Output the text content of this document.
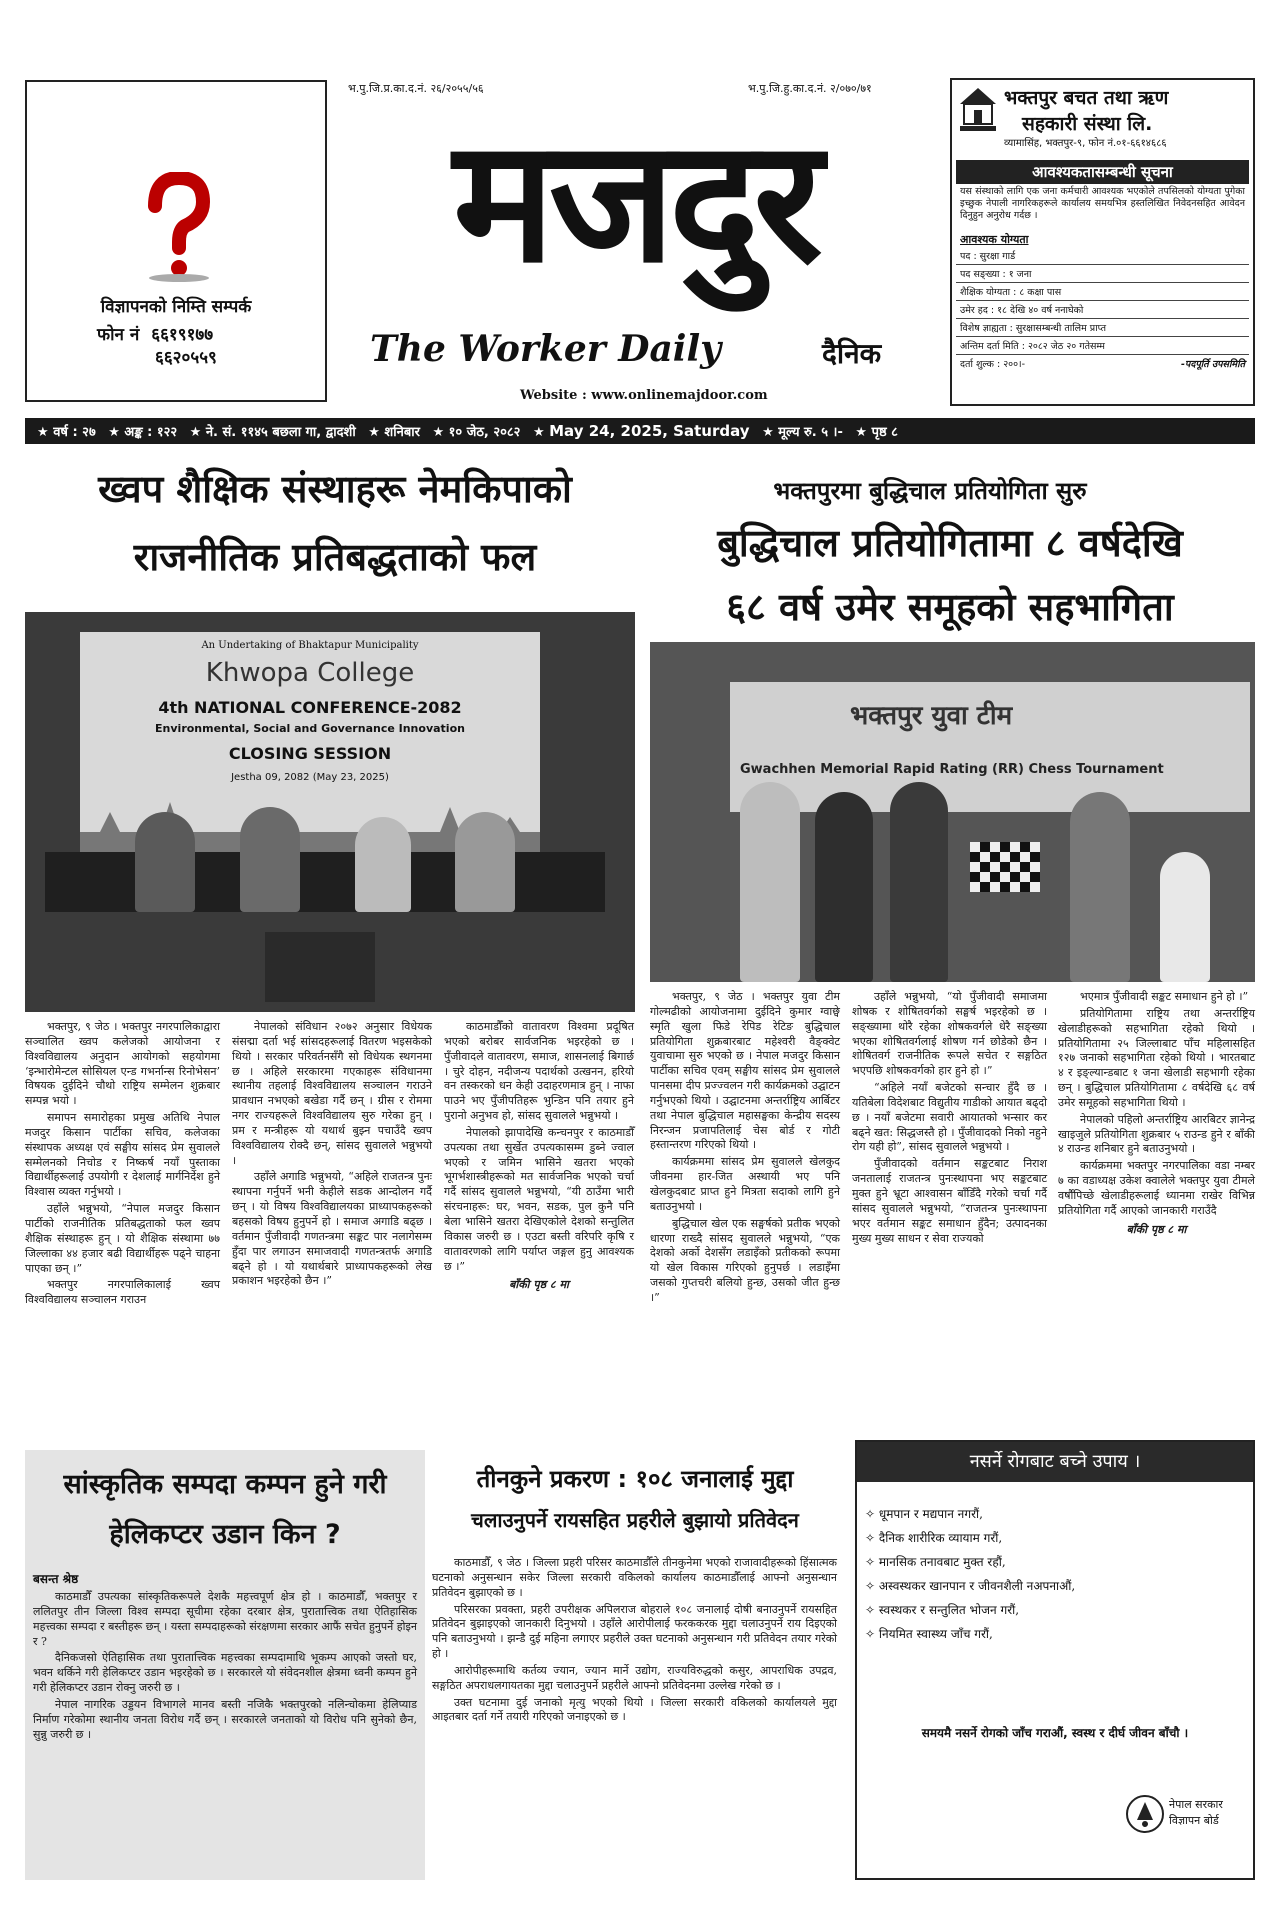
विज्ञापनको निम्ति सम्पर्क
फोन नं ६६१९१७७
६६२०५५९
भ.पु.जि.प्र.का.द.नं. २६/२०५५/५६	भ.पु.जि.हु.का.द.नं. २/०७०/७१
मजदुर
The Worker Daily	दैनिक
Website : www.onlinemajdoor.com
भक्तपुर बचत तथा ऋण
सहकारी संस्था लि.
व्यामासिंह, भक्तपुर-९, फोन नं.०१-६६१४६८६
आवश्यकतासम्बन्धी सूचना
यस संस्थाको लागि एक जना कर्मचारी आवश्यक भएकोले तपसिलको योग्यता पुगेका इच्छुक नेपाली नागरिकहरूले कार्यालय समयभित्र हस्तलिखित निवेदनसहित आवेदन दिनुहुन अनुरोध गर्दछ ।
आवश्यक योग्यता
पद : सुरक्षा गार्ड
पद सङ्ख्या : १ जना
शैक्षिक योग्यता : ८ कक्षा पास
उमेर हद : १८ देखि ४० वर्ष ननाघेको
विशेष ज्ञाह्यता : सुरक्षासम्बन्धी तालिम प्राप्त
अन्तिम दर्ता मिति : २०८२ जेठ २० गतेसम्म
दर्ता शुल्क : २००।-	-पदपूर्ति उपसमिति
★ वर्ष : २७ ★ अङ्क : १२२ ★ ने. सं. ११४५ बछला गा, द्वादशी ★ शनिबार ★ १० जेठ, २०८२ ★ May 24, 2025, Saturday ★ मूल्य रु. ५ ।- ★ पृष्ठ ८
ख्वप शैक्षिक संस्थाहरू नेमकिपाको
राजनीतिक प्रतिबद्धताको फल
An Undertaking of Bhaktapur Municipality
Khwopa College
4th NATIONAL CONFERENCE-2082
Environmental, Social and Governance Innovation
CLOSING SESSION
Jestha 09, 2082 (May 23, 2025)

भक्तपुर, ९ जेठ । भक्तपुर नगरपालिकाद्वारा सञ्चालित ख्वप कलेजको आयोजना र विश्वविद्यालय अनुदान आयोगको सहयोगमा ‘इन्भारोमेन्टल सोसियल एन्ड गभर्नान्स रिनोभेसन’ विषयक दुईदिने चौथो राष्ट्रिय सम्मेलन शुक्रबार सम्पन्न भयो ।

समापन समारोहका प्रमुख अतिथि नेपाल मजदुर किसान पार्टीका सचिव, कलेजका संस्थापक अध्यक्ष एवं सङ्घीय सांसद प्रेम सुवालले सम्मेलनको निचोड र निष्कर्ष नयाँ पुस्ताका विद्यार्थीहरूलाई उपयोगी र देशलाई मार्गनिर्देश हुने विश्वास व्यक्त गर्नुभयो ।

उहाँले भन्नुभयो, “नेपाल मजदुर किसान पार्टीको राजनीतिक प्रतिबद्धताको फल ख्वप शैक्षिक संस्थाहरू हुन् । यो शैक्षिक संस्थामा ७७ जिल्लाका ४४ हजार बढी विद्यार्थीहरू पढ्ने चाहना पाएका छन् ।”

भक्तपुर नगरपालिकालाई ख्वप विश्वविद्यालय सञ्चालन गराउन

नेपालको संविधान २०७२ अनुसार विधेयक संसद्मा दर्ता भई सांसदहरूलाई वितरण भइसकेको थियो । सरकार परिवर्तनसँगै सो विधेयक स्थगनमा छ । अहिले सरकारमा गएकाहरू संविधानमा स्थानीय तहलाई विश्वविद्यालय सञ्चालन गराउने प्रावधान नभएको बखेडा गर्दै छन् । ग्रीस र रोममा नगर राज्यहरूले विश्वविद्यालय सुरु गरेका हुन् । प्रम र मन्त्रीहरू यो यथार्थ बुझ्न पचाउँदै ख्वप विश्वविद्यालय रोक्दै छन्, सांसद सुवालले भन्नुभयो ।

उहाँले अगाडि भन्नुभयो, “अहिले राजतन्त्र पुनः स्थापना गर्नुपर्ने भनी केहीले सडक आन्दोलन गर्दै छन् । यो विषय विश्वविद्यालयका प्राध्यापकहरूको बहसको विषय हुनुपर्ने हो । समाज अगाडि बढ्छ । वर्तमान पुँजीवादी गणतन्त्रमा सङ्कट पार नलागेसम्म हुँदा पार लगाउन समाजवादी गणतन्त्रतर्फ अगाडि बढ्ने हो । यो यथार्थबारे प्राध्यापकहरूको लेख प्रकाशन भइरहेको छैन ।”

काठमाडौँको वातावरण विश्वमा प्रदूषित भएको बरोबर सार्वजनिक भइरहेको छ । पुँजीवादले वातावरण, समाज, शासनलाई बिगार्छ । चुरे दोहन, नदीजन्य पदार्थको उत्खनन, हरियो वन तस्करको धन केही उदाहरणमात्र हुन् । नाफा पाउने भए पुँजीपतिहरू भुन्डिन पनि तयार हुने पुरानो अनुभव हो, सांसद सुवालले भन्नुभयो ।

नेपालको झापादेखि कन्चनपुर र काठमाडौँ उपत्यका तथा सुर्खेत उपत्यकासम्म डुब्ने ज्वाल भएको र जमिन भासिने खतरा भएको भूगर्भशास्त्रीहरूको मत सार्वजनिक भएको चर्चा गर्दै सांसद सुवालले भन्नुभयो, “यी ठाउँमा भारी संरचनाहरू: घर, भवन, सडक, पुल कुनै पनि बेला भासिने खतरा देखिएकोले देशको सन्तुलित विकास जरुरी छ । एउटा बस्ती वरिपरि कृषि र वातावरणको लागि पर्याप्त जङ्गल हुनु आवश्यक छ ।”

बाँकी पृष्ठ ८ मा
भक्तपुरमा बुद्धिचाल प्रतियोगिता सुरु
बुद्धिचाल प्रतियोगितामा ८ वर्षदेखि
६८ वर्ष उमेर समूहको सहभागिता
भक्तपुर युवा टीम
Gwachhen Memorial Rapid Rating (RR) Chess Tournament

भक्तपुर, ९ जेठ । भक्तपुर युवा टीम गोल्मढीको आयोजनामा दुईदिने कुमार ग्वाछ्वे स्मृति खुला फिडे रेपिड रेटिङ बुद्धिचाल प्रतियोगिता शुक्रबारबाट महेश्वरी वैङ्क्वेट युवाचामा सुरु भएको छ । नेपाल मजदुर किसान पार्टीका सचिव एवम् सङ्घीय सांसद प्रेम सुवालले पानसमा दीप प्रज्ज्वलन गरी कार्यक्रमको उद्घाटन गर्नुभएको थियो । उद्घाटनमा अन्तर्राष्ट्रिय आर्बिटर तथा नेपाल बुद्धिचाल महासङ्घका केन्द्रीय सदस्य निरन्जन प्रजापतिलाई चेस बोर्ड र गोटी हस्तान्तरण गरिएको थियो ।

कार्यक्रममा सांसद प्रेम सुवालले खेलकुद जीवनमा हार-जित अस्थायी भए पनि खेलकुदबाट प्राप्त हुने मित्रता सदाको लागि हुने बताउनुभयो ।

बुद्धिचाल खेल एक सङ्घर्षको प्रतीक भएको धारणा राख्दै सांसद सुवालले भन्नुभयो, “एक देशको अर्को देशसँग लडाइँको प्रतीकको रूपमा यो खेल विकास गरिएको हुनुपर्छ । लडाइँमा जसको गुप्तचरी बलियो हुन्छ, उसको जीत हुन्छ ।”

उहाँले भन्नुभयो, “यो पुँजीवादी समाजमा शोषक र शोषितवर्गको सङ्घर्ष भइरहेको छ । सङ्ख्यामा थोरै रहेका शोषकवर्गले धेरै सङ्ख्या भएका शोषितवर्गलाई शोषण गर्न छोडेको छैन । शोषितवर्ग राजनीतिक रूपले सचेत र सङ्गठित भएपछि शोषकवर्गको हार हुने हो ।”

“अहिले नयाँ बजेटको सन्चार हुँदै छ । यतिबेला विदेशबाट विद्युतीय गाडीको आयात बढ्दो छ । नयाँ बजेटमा सवारी आयातको भन्सार कर बढ्ने खत: सिद्धजस्तै हो । पुँजीवादको निको नहुने रोग यही हो”, सांसद सुवालले भन्नुभयो ।

पुँजीवादको वर्तमान सङ्कटबाट निराश जनतालाई राजतन्त्र पुनःस्थापना भए सङ्कटबाट मुक्त हुने भ्रूटा आश्वासन बाँडिँदै गरेको चर्चा गर्दै सांसद सुवालले भन्नुभयो, “राजतन्त्र पुनःस्थापना भएर वर्तमान सङ्कट समाधान हुँदैन; उत्पादनका मुख्य मुख्य साधन र सेवा राज्यको

भएमात्र पुँजीवादी सङ्कट समाधान हुने हो ।”

प्रतियोगितामा राष्ट्रिय तथा अन्तर्राष्ट्रिय खेलाडीहरूको सहभागिता रहेको थियो । प्रतियोगितामा २५ जिल्लाबाट पाँच महिलासहित १२७ जनाको सहभागिता रहेको थियो । भारतबाट ४ र इङ्ल्यान्डबाट १ जना खेलाडी सहभागी रहेका छन् । बुद्धिचाल प्रतियोगितामा ८ वर्षदेखि ६८ वर्ष उमेर समूहको सहभागिता थियो ।

नेपालको पहिलो अन्तर्राष्ट्रिय आरबिटर ज्ञानेन्द्र खाइजुले प्रतियोगिता शुक्रबार ५ राउन्ड हुने र बाँकी ४ राउन्ड शनिबार हुने बताउनुभयो ।

कार्यक्रममा भक्तपुर नगरपालिका वडा नम्बर ७ का वडाध्यक्ष उकेश क्वालेले भक्तपुर युवा टीमले वर्षौंपिच्छे खेलाडीहरूलाई ध्यानमा राखेर विभिन्न प्रतियोगिता गर्दै आएको जानकारी गराउँदै

बाँकी पृष्ठ ८ मा
सांस्कृतिक सम्पदा कम्पन हुने गरी
हेलिकप्टर उडान किन ?
बसन्त श्रेष्ठ

काठमाडौँ उपत्यका सांस्कृतिकरूपले देशकै महत्त्वपूर्ण क्षेत्र हो । काठमाडौँ, भक्तपुर र ललितपुर तीन जिल्ला विश्व सम्पदा सूचीमा रहेका दरबार क्षेत्र, पुरातात्त्विक तथा ऐतिहासिक महत्त्वका सम्पदा र बस्तीहरू छन् । यस्ता सम्पदाहरूको संरक्षणमा सरकार आफैं सचेत हुनुपर्ने होइन र ?

दैनिकजसो ऐतिहासिक तथा पुरातात्त्विक महत्त्वका सम्पदामाथि भूकम्प आएको जस्तो घर, भवन थर्किने गरी हेलिकप्टर उडान भइरहेको छ । सरकारले यो संवेदनशील क्षेत्रमा ध्वनी कम्पन हुने गरी हेलिकप्टर उडान रोक्नु जरुरी छ ।

नेपाल नागरिक उड्डयन विभागले मानव बस्ती नजिकै भक्तपुरको नलिन्चोकमा हेलिप्याड निर्माण गरेकोमा स्थानीय जनता विरोध गर्दै छन् । सरकारले जनताको यो विरोध पनि सुनेको छैन, सुन्नु जरुरी छ ।

तीनकुने प्रकरण : १०८ जनालाई मुद्दा
चलाउनुपर्ने रायसहित प्रहरीले बुझायो प्रतिवेदन

काठमाडौँ, ९ जेठ । जिल्ला प्रहरी परिसर काठमाडौँले तीनकुनेमा भएको राजावादीहरूको हिंसात्मक घटनाको अनुसन्धान सकेर जिल्ला सरकारी वकिलको कार्यालय काठमाडौँलाई आफ्नो अनुसन्धान प्रतिवेदन बुझाएको छ ।

परिसरका प्रवक्ता, प्रहरी उपरीक्षक अपिलराज बोहराले १०८ जनालाई दोषी बनाउनुपर्ने रायसहित प्रतिवेदन बुझाइएको जानकारी दिनुभयो । उहाँले आरोपीलाई फरककरक मुद्दा चलाउनुपर्ने राय दिइएको पनि बताउनुभयो । झन्डै दुई महिना लगाएर प्रहरीले उक्त घटनाको अनुसन्धान गरी प्रतिवेदन तयार गरेको हो ।

आरोपीहरूमाथि कर्तव्य ज्यान, ज्यान मार्ने उद्योग, राज्यविरुद्धको कसुर, आपराधिक उपद्रव, सङ्गठित अपराधलगायतका मुद्दा चलाउनुपर्ने प्रहरीले आफ्नो प्रतिवेदनमा उल्लेख गरेको छ ।

उक्त घटनामा दुई जनाको मृत्यु भएको थियो । जिल्ला सरकारी वकिलको कार्यालयले मुद्दा आइतबार दर्ता गर्ने तयारी गरिएको जनाइएको छ ।

नसर्ने रोगबाट बच्ने उपाय ।
✧ धूमपान र मद्यपान नगरौं,
✧ दैनिक शारीरिक व्यायाम गरौं,
✧ मानसिक तनावबाट मुक्त रहौं,
✧ अस्वस्थकर खानपान र जीवनशैली नअपनाऔं,
✧ स्वस्थकर र सन्तुलित भोजन गरौं,
✧ नियमित स्वास्थ्य जाँच गरौं,
समयमै नसर्ने रोगको जाँच गराऔं, स्वस्थ र दीर्घ जीवन बाँचौ ।
नेपाल सरकार
विज्ञापन बोर्ड
